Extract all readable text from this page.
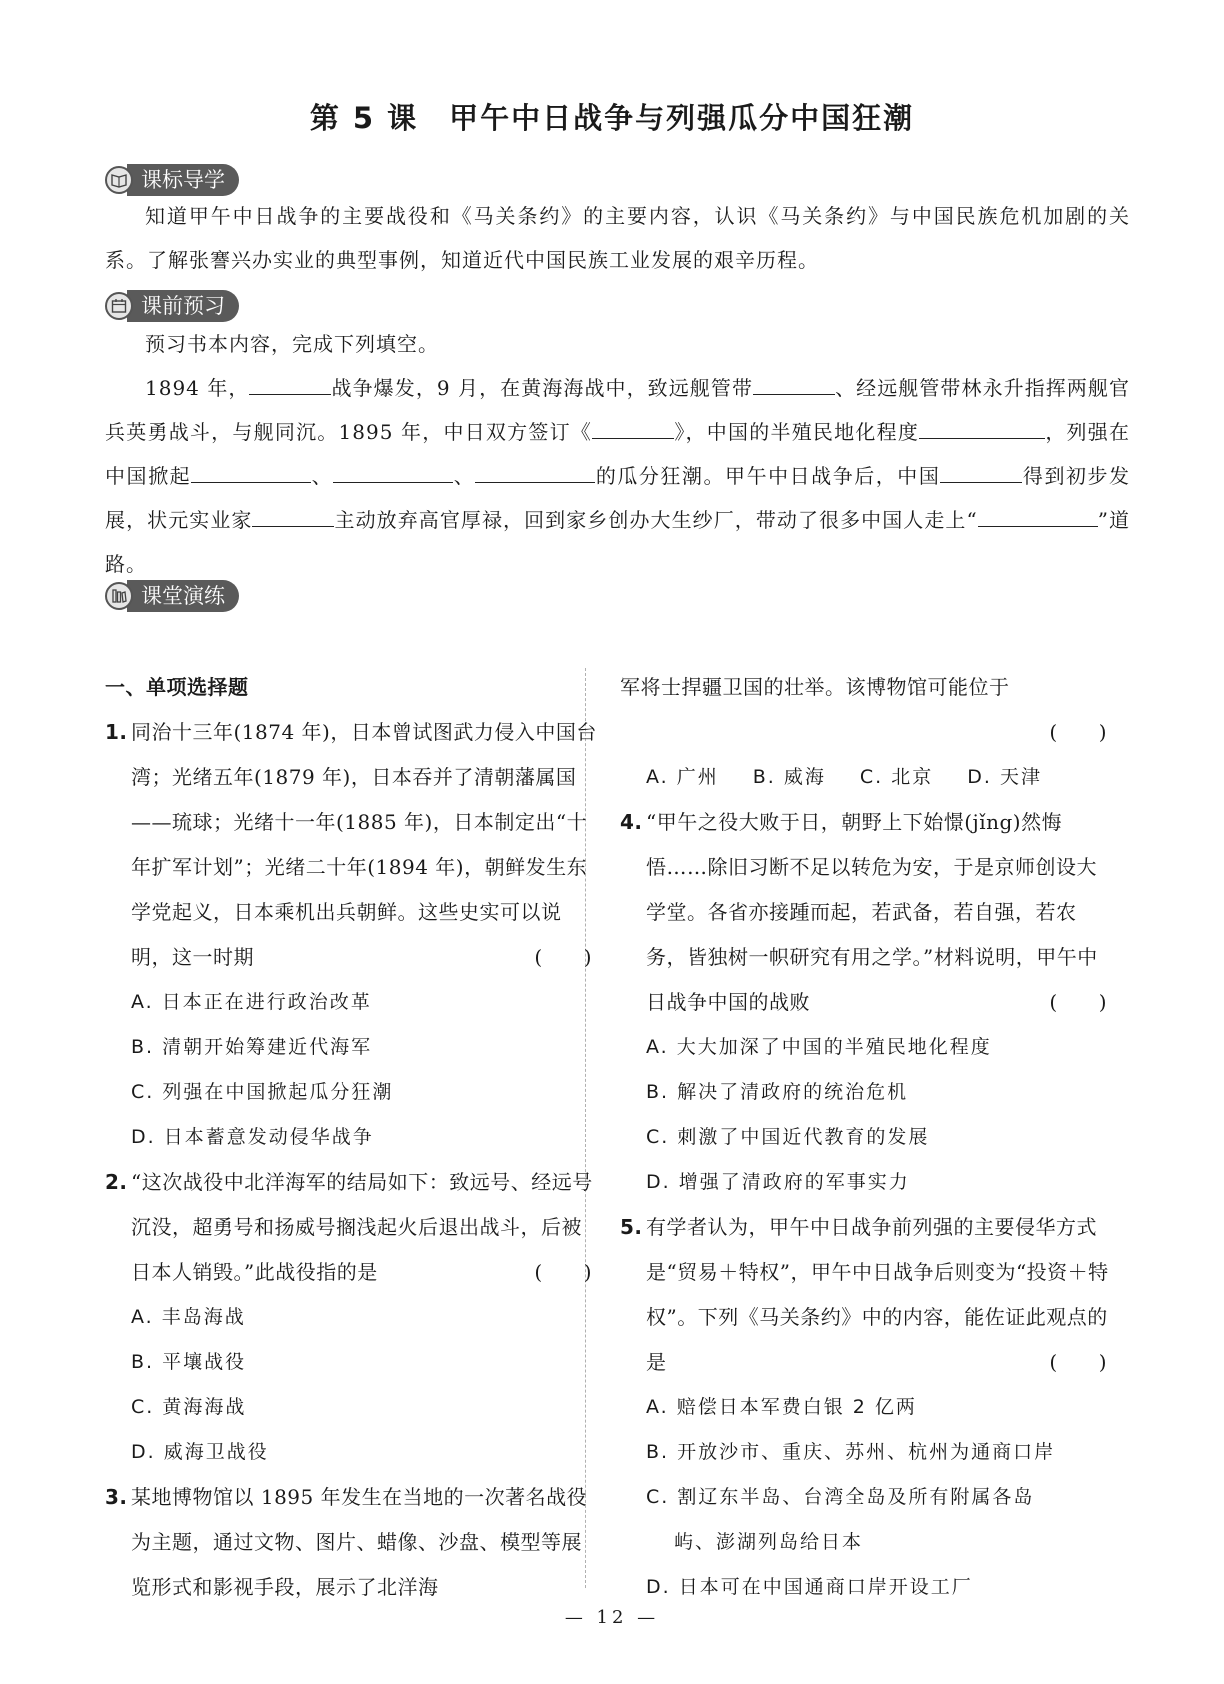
第 5 课　甲午中日战争与列强瓜分中国狂潮
课标导学

知道甲午中日战争的主要战役和《马关条约》的主要内容，认识《马关条约》与中国民族危机加剧的关系。了解张謇兴办实业的典型事例，知道近代中国民族工业发展的艰辛历程。

课前预习

预习书本内容，完成下列填空。

1894 年，	战争爆发，9 月，在黄海海战中，致远舰管带	、经远舰管带林永升指挥两舰官兵英勇战斗，与舰同沉。1895 年，中日双方签订《	》，中国的半殖民地化程度	，列强在中国掀起	、	、	的瓜分狂潮。甲午中日战争后，中国	得到初步发展，状元实业家	主动放弃高官厚禄，回到家乡创办大生纱厂，带动了很多中国人走上“	”道路。

课堂演练
一、单项选择题
1. 同治十三年(1874 年)，日本曾试图武力侵入中国台湾；光绪五年(1879 年)，日本吞并了清朝藩属国——琉球；光绪十一年(1885 年)，日本制定出“十年扩军计划”；光绪二十年(1894 年)，朝鲜发生东学党起义，日本乘机出兵朝鲜。这些史实可以说明，这一时期	(　　)
A. 日本正在进行政治改革
B. 清朝开始筹建近代海军
C. 列强在中国掀起瓜分狂潮
D. 日本蓄意发动侵华战争
2. “这次战役中北洋海军的结局如下：致远号、经远号沉没，超勇号和扬威号搁浅起火后退出战斗，后被日本人销毁。”此战役指的是	(　　)
A. 丰岛海战
B. 平壤战役
C. 黄海海战
D. 威海卫战役
3. 某地博物馆以 1895 年发生在当地的一次著名战役为主题，通过文物、图片、蜡像、沙盘、模型等展览形式和影视手段，展示了北洋海
军将士捍疆卫国的壮举。该博物馆可能位于
(　　)
A. 广州 B. 威海 C. 北京 D. 天津
4. “甲午之役大败于日，朝野上下始憬(jǐng)然悔悟……除旧习断不足以转危为安，于是京师创设大学堂。各省亦接踵而起，若武备，若自强，若农务，皆独树一帜研究有用之学。”材料说明，甲午中日战争中国的战败	(　　)
A. 大大加深了中国的半殖民地化程度
B. 解决了清政府的统治危机
C. 刺激了中国近代教育的发展
D. 增强了清政府的军事实力
5. 有学者认为，甲午中日战争前列强的主要侵华方式是“贸易＋特权”，甲午中日战争后则变为“投资＋特权”。下列《马关条约》中的内容，能佐证此观点的是	(　　)
A. 赔偿日本军费白银 2 亿两
B. 开放沙市、重庆、苏州、杭州为通商口岸
C. 割辽东半岛、台湾全岛及所有附属各岛
屿、澎湖列岛给日本
D. 日本可在中国通商口岸开设工厂
— 12 —
